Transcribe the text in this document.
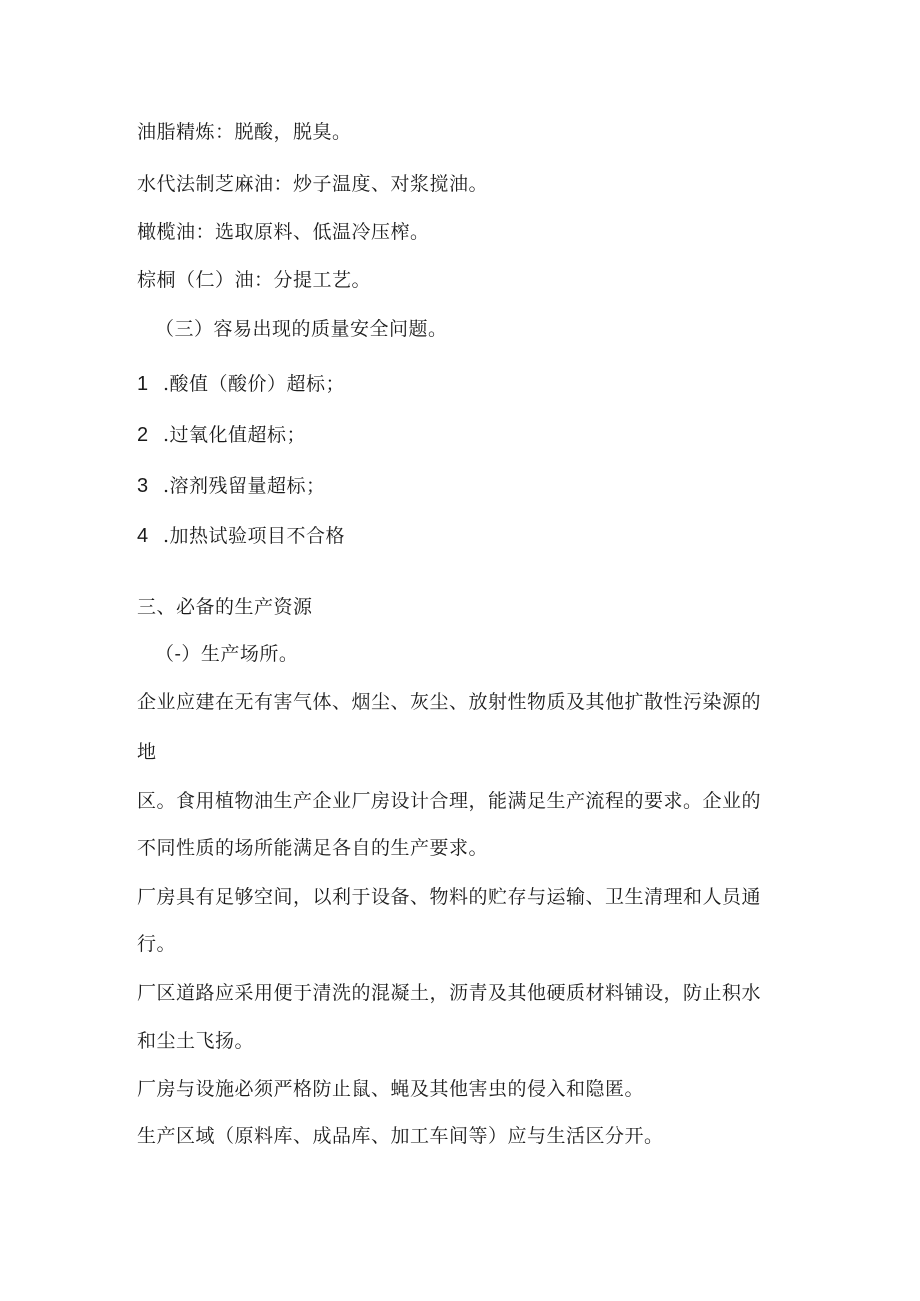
油脂精炼：脱酸，脱臭。
水代法制芝麻油：炒子温度、对浆搅油。
橄榄油：选取原料、低温冷压榨。
棕桐（仁）油：分提工艺。
（三）容易出现的质量安全问题。
1 .酸值（酸价）超标；
2 .过氧化值超标；
3 .溶剂残留量超标；
4 .加热试验项目不合格
三、必备的生产资源
（-）生产场所。
企业应建在无有害气体、烟尘、灰尘、放射性物质及其他扩散性污染源的
地
区。食用植物油生产企业厂房设计合理，能满足生产流程的要求。企业的
不同性质的场所能满足各自的生产要求。
厂房具有足够空间，以利于设备、物料的贮存与运输、卫生清理和人员通
行。
厂区道路应采用便于清洗的混凝土，沥青及其他硬质材料铺设，防止积水
和尘土飞扬。
厂房与设施必须严格防止鼠、蝇及其他害虫的侵入和隐匿。
生产区域（原料库、成品库、加工车间等）应与生活区分开。
